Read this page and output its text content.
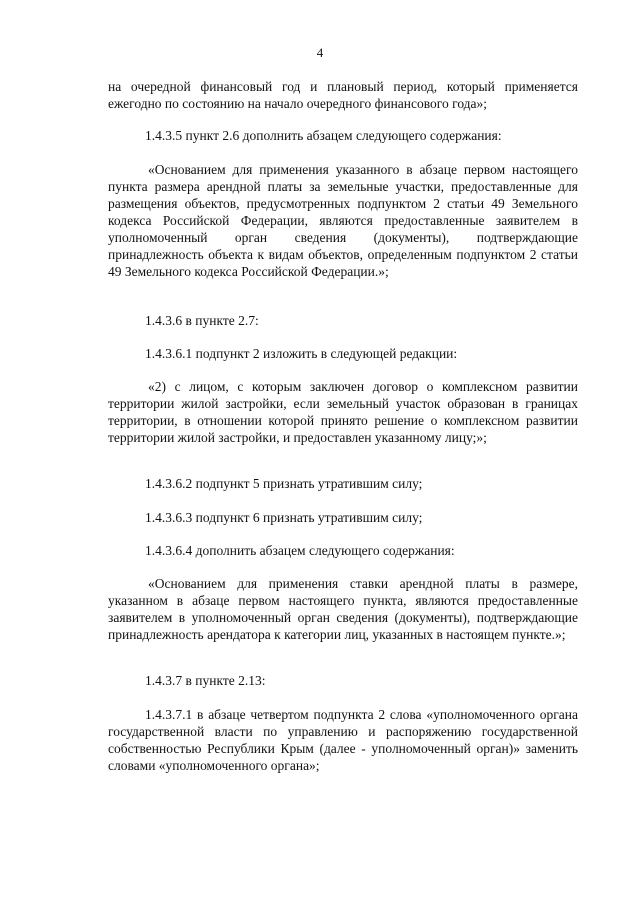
4

на очередной финансовый год и плановый период, который применяется ежегодно по состоянию на начало очередного финансового года»;

1.4.3.5 пункт 2.6 дополнить абзацем следующего содержания:

«Основанием для применения указанного в абзаце первом настоящего пункта размера арендной платы за земельные участки, предоставленные для размещения объектов, предусмотренных подпунктом 2 статьи 49 Земельного кодекса Российской Федерации, являются предоставленные заявителем в уполномоченный орган сведения (документы), подтверждающие принадлежность объекта к видам объектов, определенным подпунктом 2 статьи 49 Земельного кодекса Российской Федерации.»;

1.4.3.6 в пункте 2.7:

1.4.3.6.1 подпункт 2 изложить в следующей редакции:

«2) с лицом, с которым заключен договор о комплексном развитии территории жилой застройки, если земельный участок образован в границах территории, в отношении которой принято решение о комплексном развитии территории жилой застройки, и предоставлен указанному лицу;»;

1.4.3.6.2 подпункт 5 признать утратившим силу;

1.4.3.6.3 подпункт 6 признать утратившим силу;

1.4.3.6.4 дополнить абзацем следующего содержания:

«Основанием для применения ставки арендной платы в размере, указанном в абзаце первом настоящего пункта, являются предоставленные заявителем в уполномоченный орган сведения (документы), подтверждающие принадлежность арендатора к категории лиц, указанных в настоящем пункте.»;

1.4.3.7 в пункте 2.13:

1.4.3.7.1 в абзаце четвертом подпункта 2 слова «уполномоченного органа государственной власти по управлению и распоряжению государственной собственностью Республики Крым (далее - уполномоченный орган)» заменить словами «уполномоченного органа»;
